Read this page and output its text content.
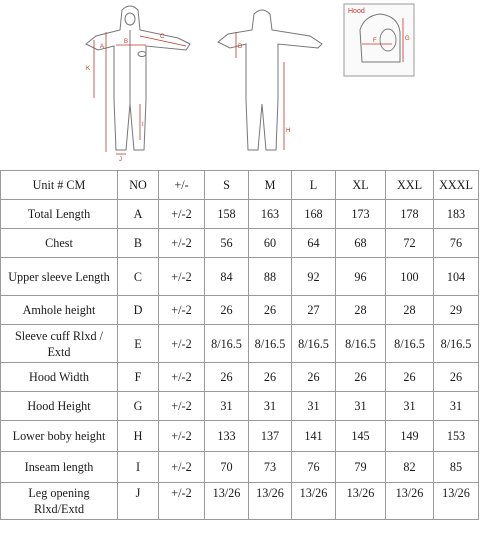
A
B
C
K
I
J
D
H
Hood
F	G
Unit # CM	NO	+/-	S	M	L	XL	XXL	XXXL
Total Length	A	+/-2	158	163	168	173	178	183
Chest	B	+/-2	56	60	64	68	72	76
Upper sleeve Length	C	+/-2	84	88	92	96	100	104
Amhole height	D	+/-2	26	26	27	28	28	29
Sleeve cuff Rlxd / Extd	E	+/-2	8/16.5	8/16.5	8/16.5	8/16.5	8/16.5	8/16.5
Hood Width	F	+/-2	26	26	26	26	26	26
Hood Height	G	+/-2	31	31	31	31	31	31
Lower boby height	H	+/-2	133	137	141	145	149	153
Inseam length	I	+/-2	70	73	76	79	82	85
Leg opening Rlxd/Extd	J	+/-2	13/26	13/26	13/26	13/26	13/26	13/26
